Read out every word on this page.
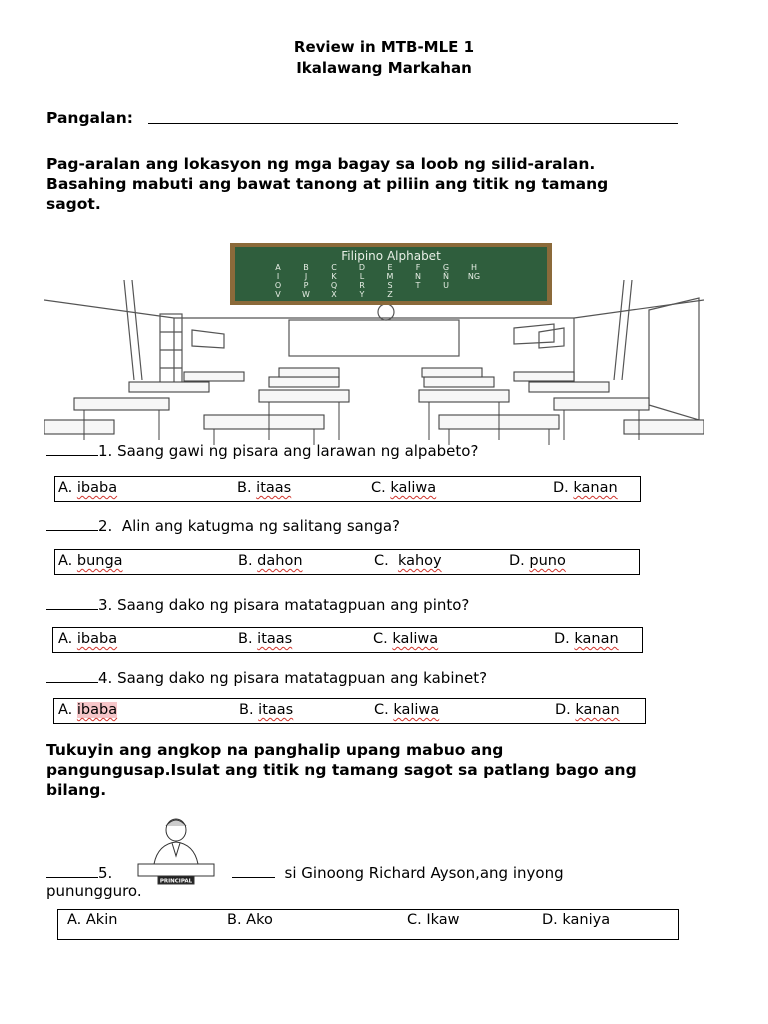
Review in MTB-MLE 1
Ikalawang Markahan
Pangalan:
Pag-aralan ang lokasyon ng mga bagay sa loob ng silid-aralan.
Basahing mabuti ang bawat tanong at piliin ang titik ng tamang
sagot.
Filipino Alphabet
A	B	C	D	E	F	G	H
I	J	K	L	M	N	Ñ NG
O	P	Q	R	S	T	U
V	W	X	Y	Z
1. Saang gawi ng pisara ang larawan ng alpabeto?
A. ibaba	B. itaas	C. kaliwa	D. kanan
2. Alin ang katugma ng salitang sanga?
A. bunga	B. dahon	C. kahoy	D. puno
3. Saang dako ng pisara matatagpuan ang pinto?
A. ibaba	B. itaas	C. kaliwa	D. kanan
4. Saang dako ng pisara matatagpuan ang kabinet?
A. ibaba	B. itaas	C. kaliwa	D. kanan
Tukuyin ang angkop na panghalip upang mabuo ang
pangungusap.Isulat ang titik ng tamang sagot sa patlang bago ang
bilang.
PRINCIPAL
5.	si Ginoong Richard Ayson,ang inyong
punungguro.
A. Akin	B. Ako	C. Ikaw	D. kaniya
